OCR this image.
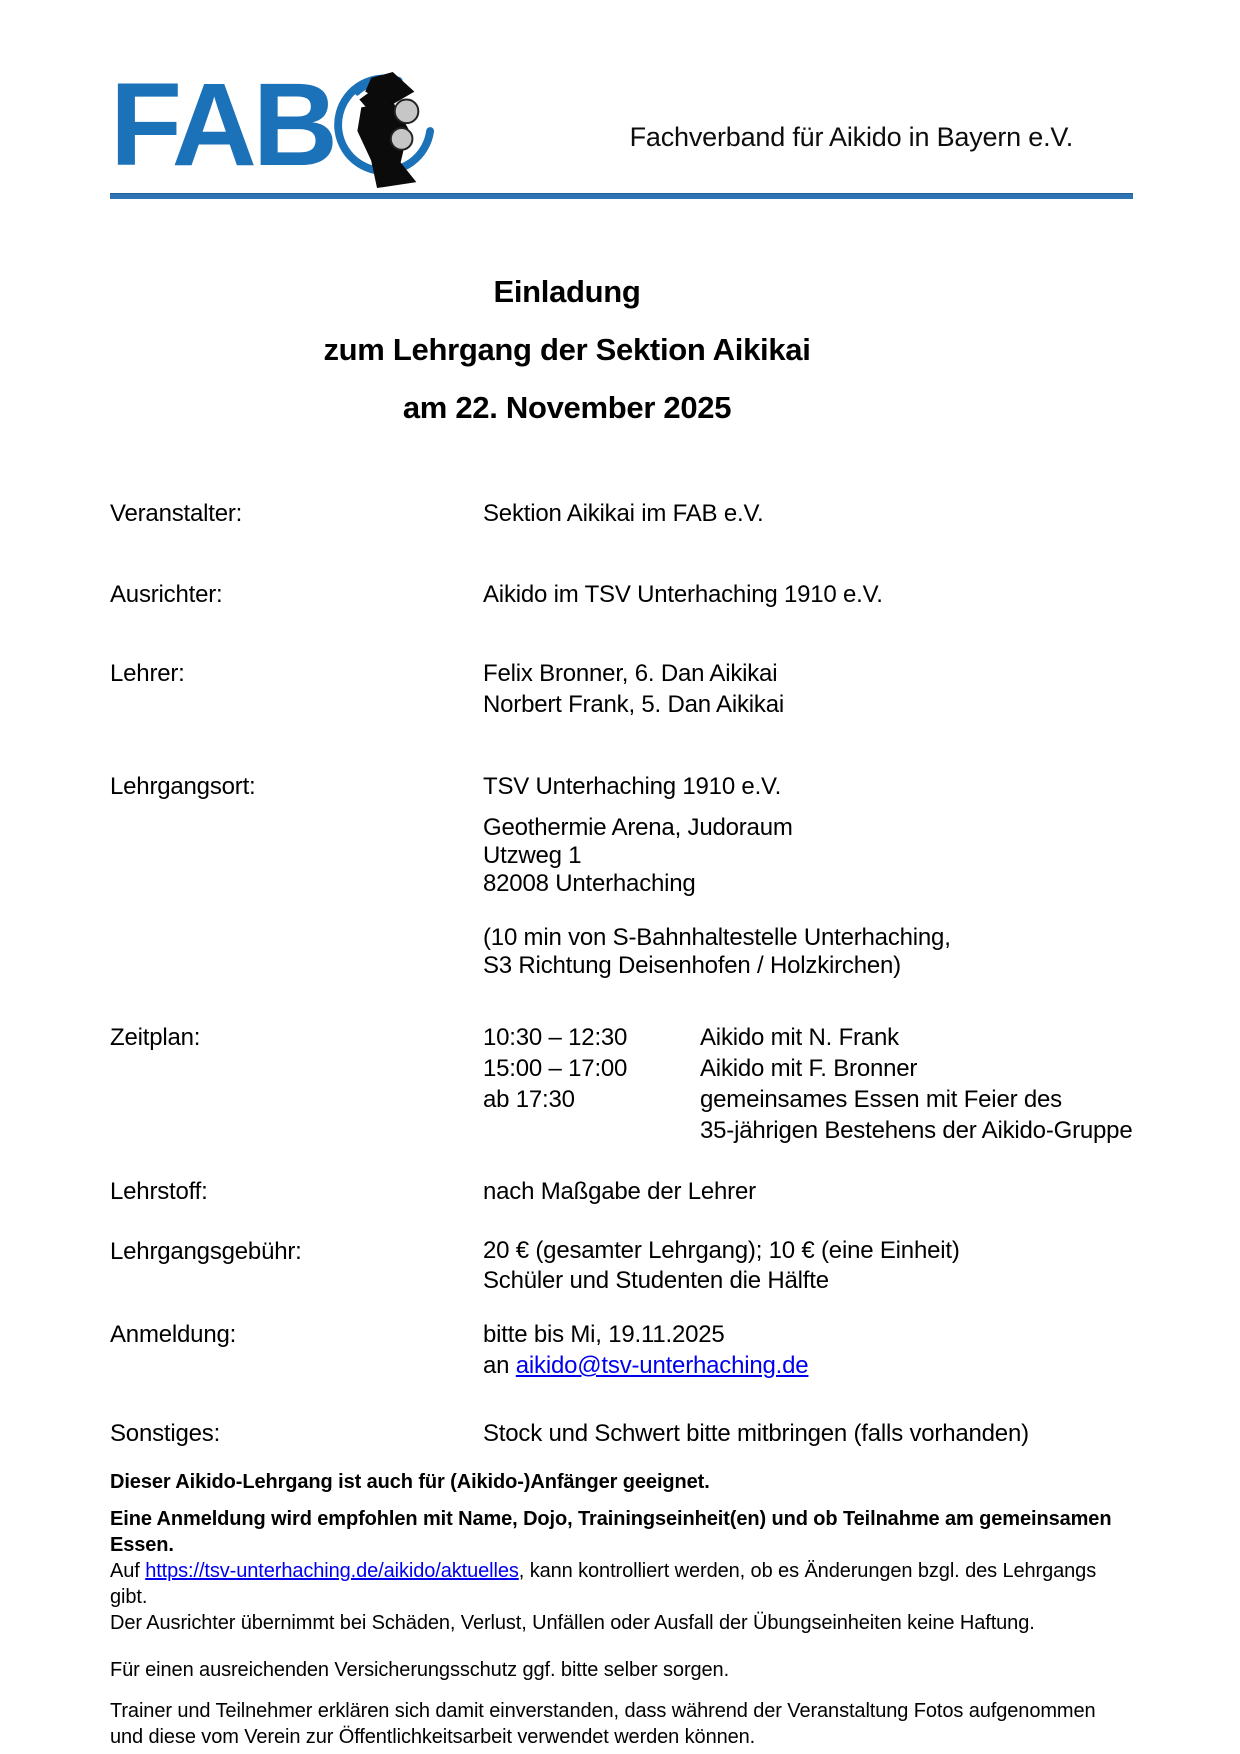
FAB	Fachverband für Aikido in Bayern e.V.
Einladung
zum Lehrgang der Sektion Aikikai
am 22. November 2025
Veranstalter:	Sektion Aikikai im FAB e.V.
Ausrichter:	Aikido im TSV Unterhaching 1910 e.V.
Lehrer:	Felix Bronner, 6. Dan Aikikai
Norbert Frank, 5. Dan Aikikai
Lehrgangsort:	TSV Unterhaching 1910 e.V.
Geothermie Arena, Judoraum
Utzweg 1
82008 Unterhaching
(10 min von S-Bahnhaltestelle Unterhaching,
S3 Richtung Deisenhofen / Holzkirchen)
Zeitplan:	10:30 – 12:30	Aikido mit N. Frank
15:00 – 17:00	Aikido mit F. Bronner
ab 17:30	gemeinsames Essen mit Feier des
35-jährigen Bestehens der Aikido-Gruppe
Lehrstoff:	nach Maßgabe der Lehrer
Lehrgangsgebühr:	20 € (gesamter Lehrgang); 10 € (eine Einheit)
Schüler und Studenten die Hälfte
Anmeldung:	bitte bis Mi, 19.11.2025
an aikido@tsv-unterhaching.de
Sonstiges:	Stock und Schwert bitte mitbringen (falls vorhanden)

Dieser Aikido-Lehrgang ist auch für (Aikido-)Anfänger geeignet.

Eine Anmeldung wird empfohlen mit Name, Dojo, Trainingseinheit(en) und ob Teilnahme am gemeinsamen Essen.
Auf https://tsv-unterhaching.de/aikido/aktuelles, kann kontrolliert werden, ob es Änderungen bzgl. des Lehrgangs gibt.
Der Ausrichter übernimmt bei Schäden, Verlust, Unfällen oder Ausfall der Übungseinheiten keine Haftung.

Für einen ausreichenden Versicherungsschutz ggf. bitte selber sorgen.

Trainer und Teilnehmer erklären sich damit einverstanden, dass während der Veranstaltung Fotos aufgenommen und diese vom Verein zur Öffentlichkeitsarbeit verwendet werden können.
